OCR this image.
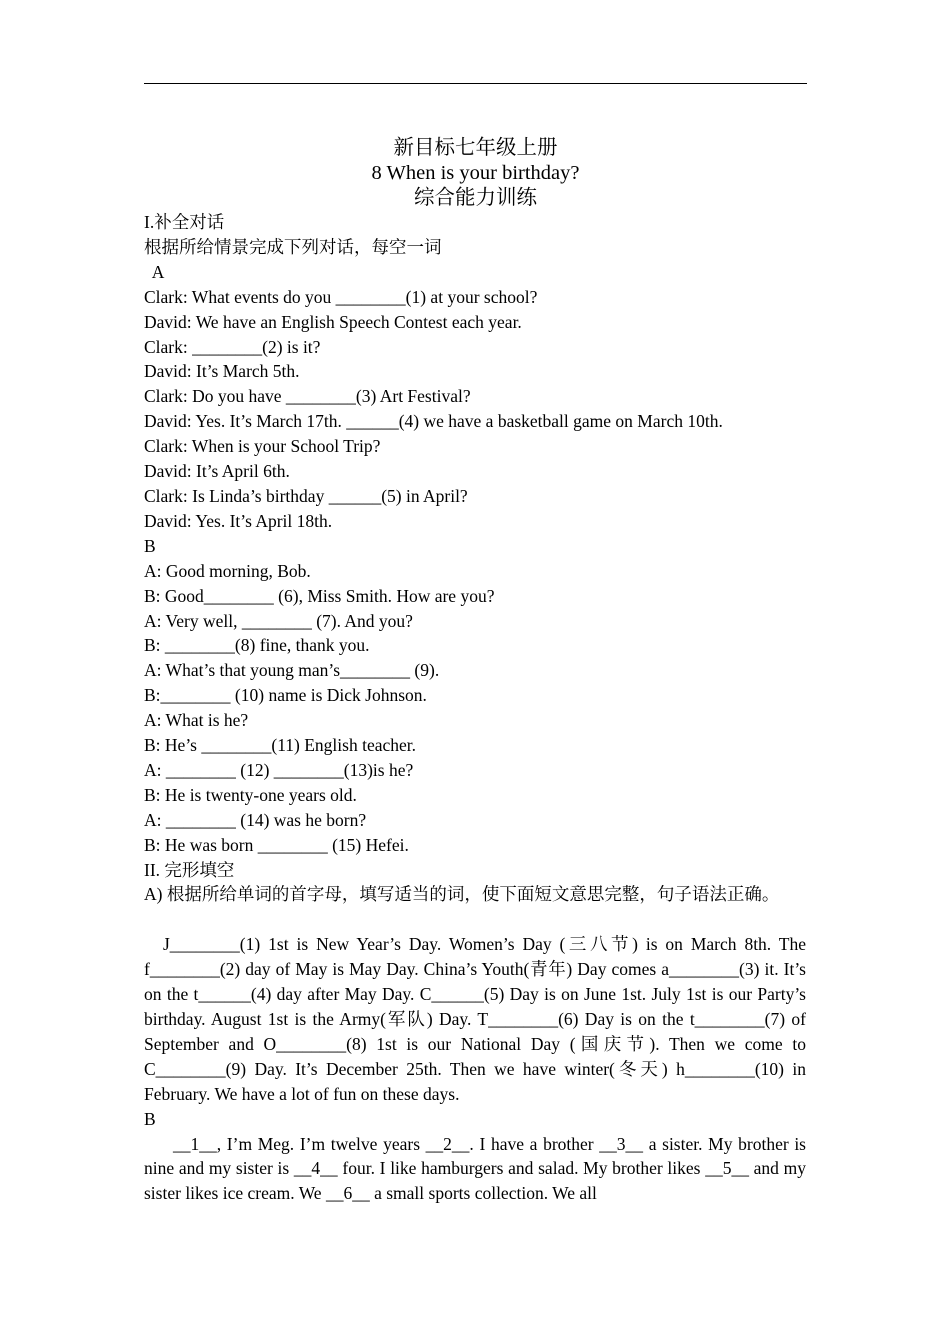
新目标七年级上册
8 When is your birthday?
综合能力训练
I.补全对话
根据所给情景完成下列对话，每空一词
A
Clark: What events do you ________(1) at your school?
David: We have an English Speech Contest each year.
Clark: ________(2) is it?
David: It’s March 5th.
Clark: Do you have ________(3) Art Festival?
David: Yes. It’s March 17th. ______(4) we have a basketball game on March 10th.
Clark: When is your School Trip?
David: It’s April 6th.
Clark: Is Linda’s birthday ______(5) in April?
David: Yes. It’s April 18th.
B
A: Good morning, Bob.
B: Good________ (6), Miss Smith. How are you?
A: Very well, ________ (7). And you?
B: ________(8) fine, thank you.
A: What’s that young man’s________ (9).
B:________ (10) name is Dick Johnson.
A: What is he?
B: He’s ________(11) English teacher.
A: ________ (12) ________(13)is he?
B: He is twenty-one years old.
A: ________ (14) was he born?
B: He was born ________ (15) Hefei.
II. 完形填空
A) 根据所给单词的首字母，填写适当的词，使下面短文意思完整，句子语法正确。

J________(1) 1st is New Year’s Day. Women’s Day (三八节) is on March 8th. The f________(2) day of May is May Day. China’s Youth(青年) Day comes a________(3) it. It’s on the t______(4) day after May Day. C______(5) Day is on June 1st. July 1st is our Party’s birthday. August 1st is the Army(军队) Day. T________(6) Day is on the t________(7) of September and O________(8) 1st is our National Day (国庆节). Then we come to C________(9) Day. It’s December 25th. Then we have winter(冬天) h________(10) in February. We have a lot of fun on these days.

B

__1__, I’m Meg. I’m twelve years __2__. I have a brother __3__ a sister. My brother is nine and my sister is __4__ four. I like hamburgers and salad. My brother likes __5__ and my sister likes ice cream. We __6__ a small sports collection. We all
